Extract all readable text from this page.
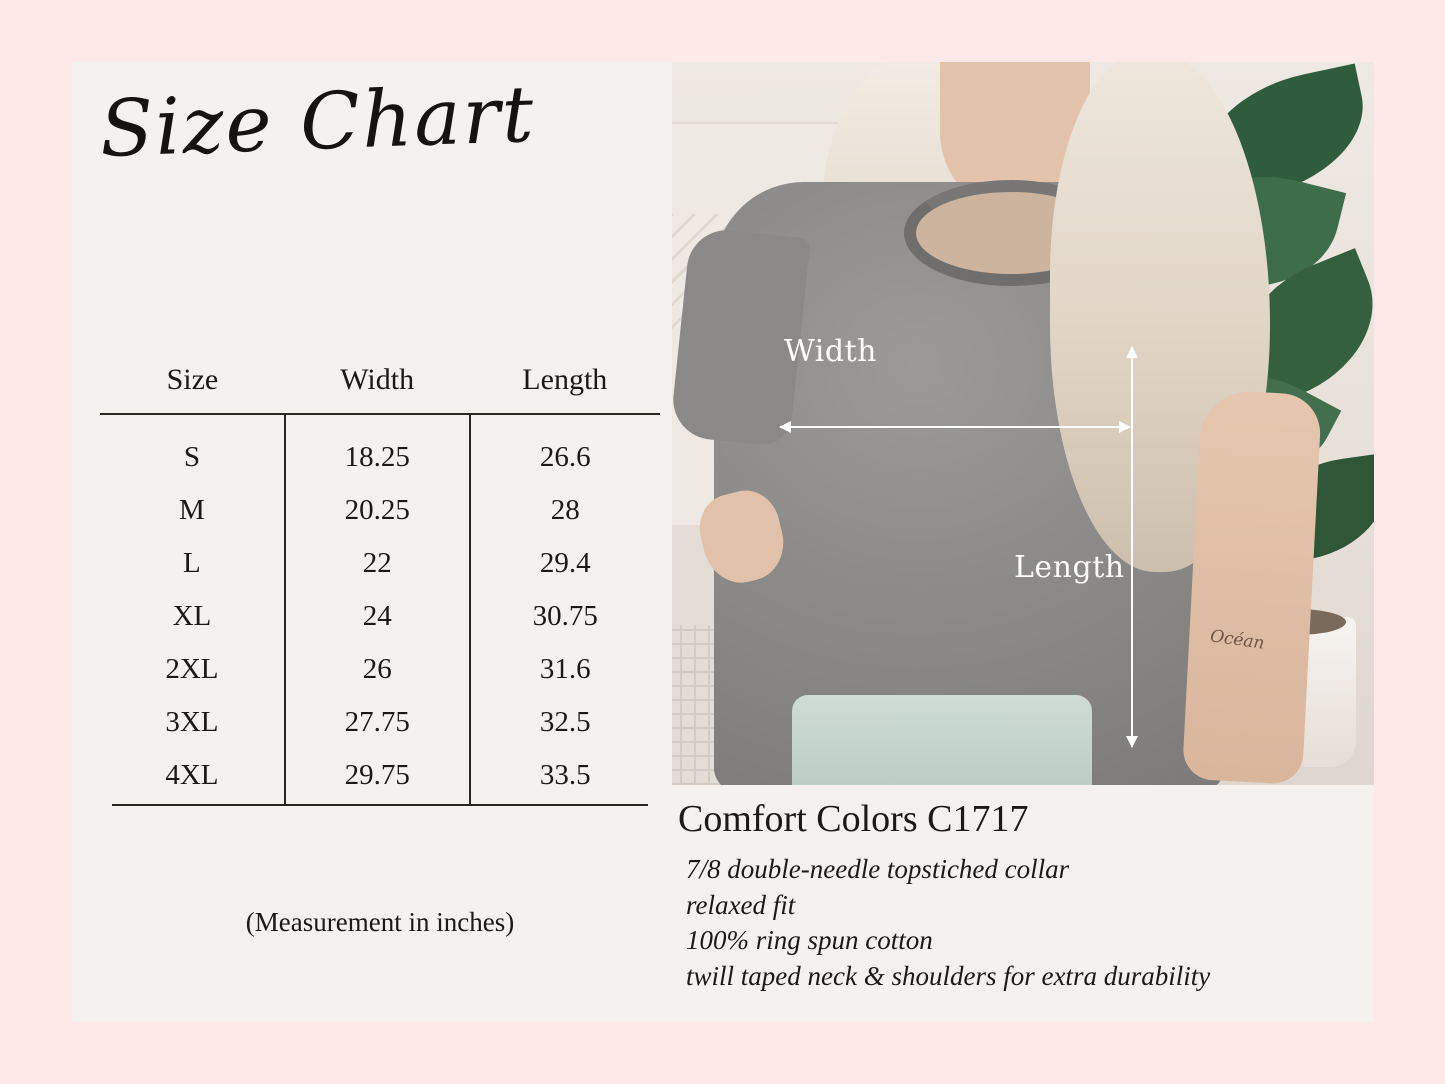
Size Chart
Size	Width	Length
S	18.25	26.6
M	20.25	28
L	22	29.4
XL	24	30.75
2XL	26	31.6
3XL	27.75	32.5
4XL	29.75	33.5
(Measurement in inches)
Océan
Width
Length
Comfort Colors C1717
7/8 double-needle topstiched collar
relaxed fit
100% ring spun cotton
twill taped neck & shoulders for extra durability
